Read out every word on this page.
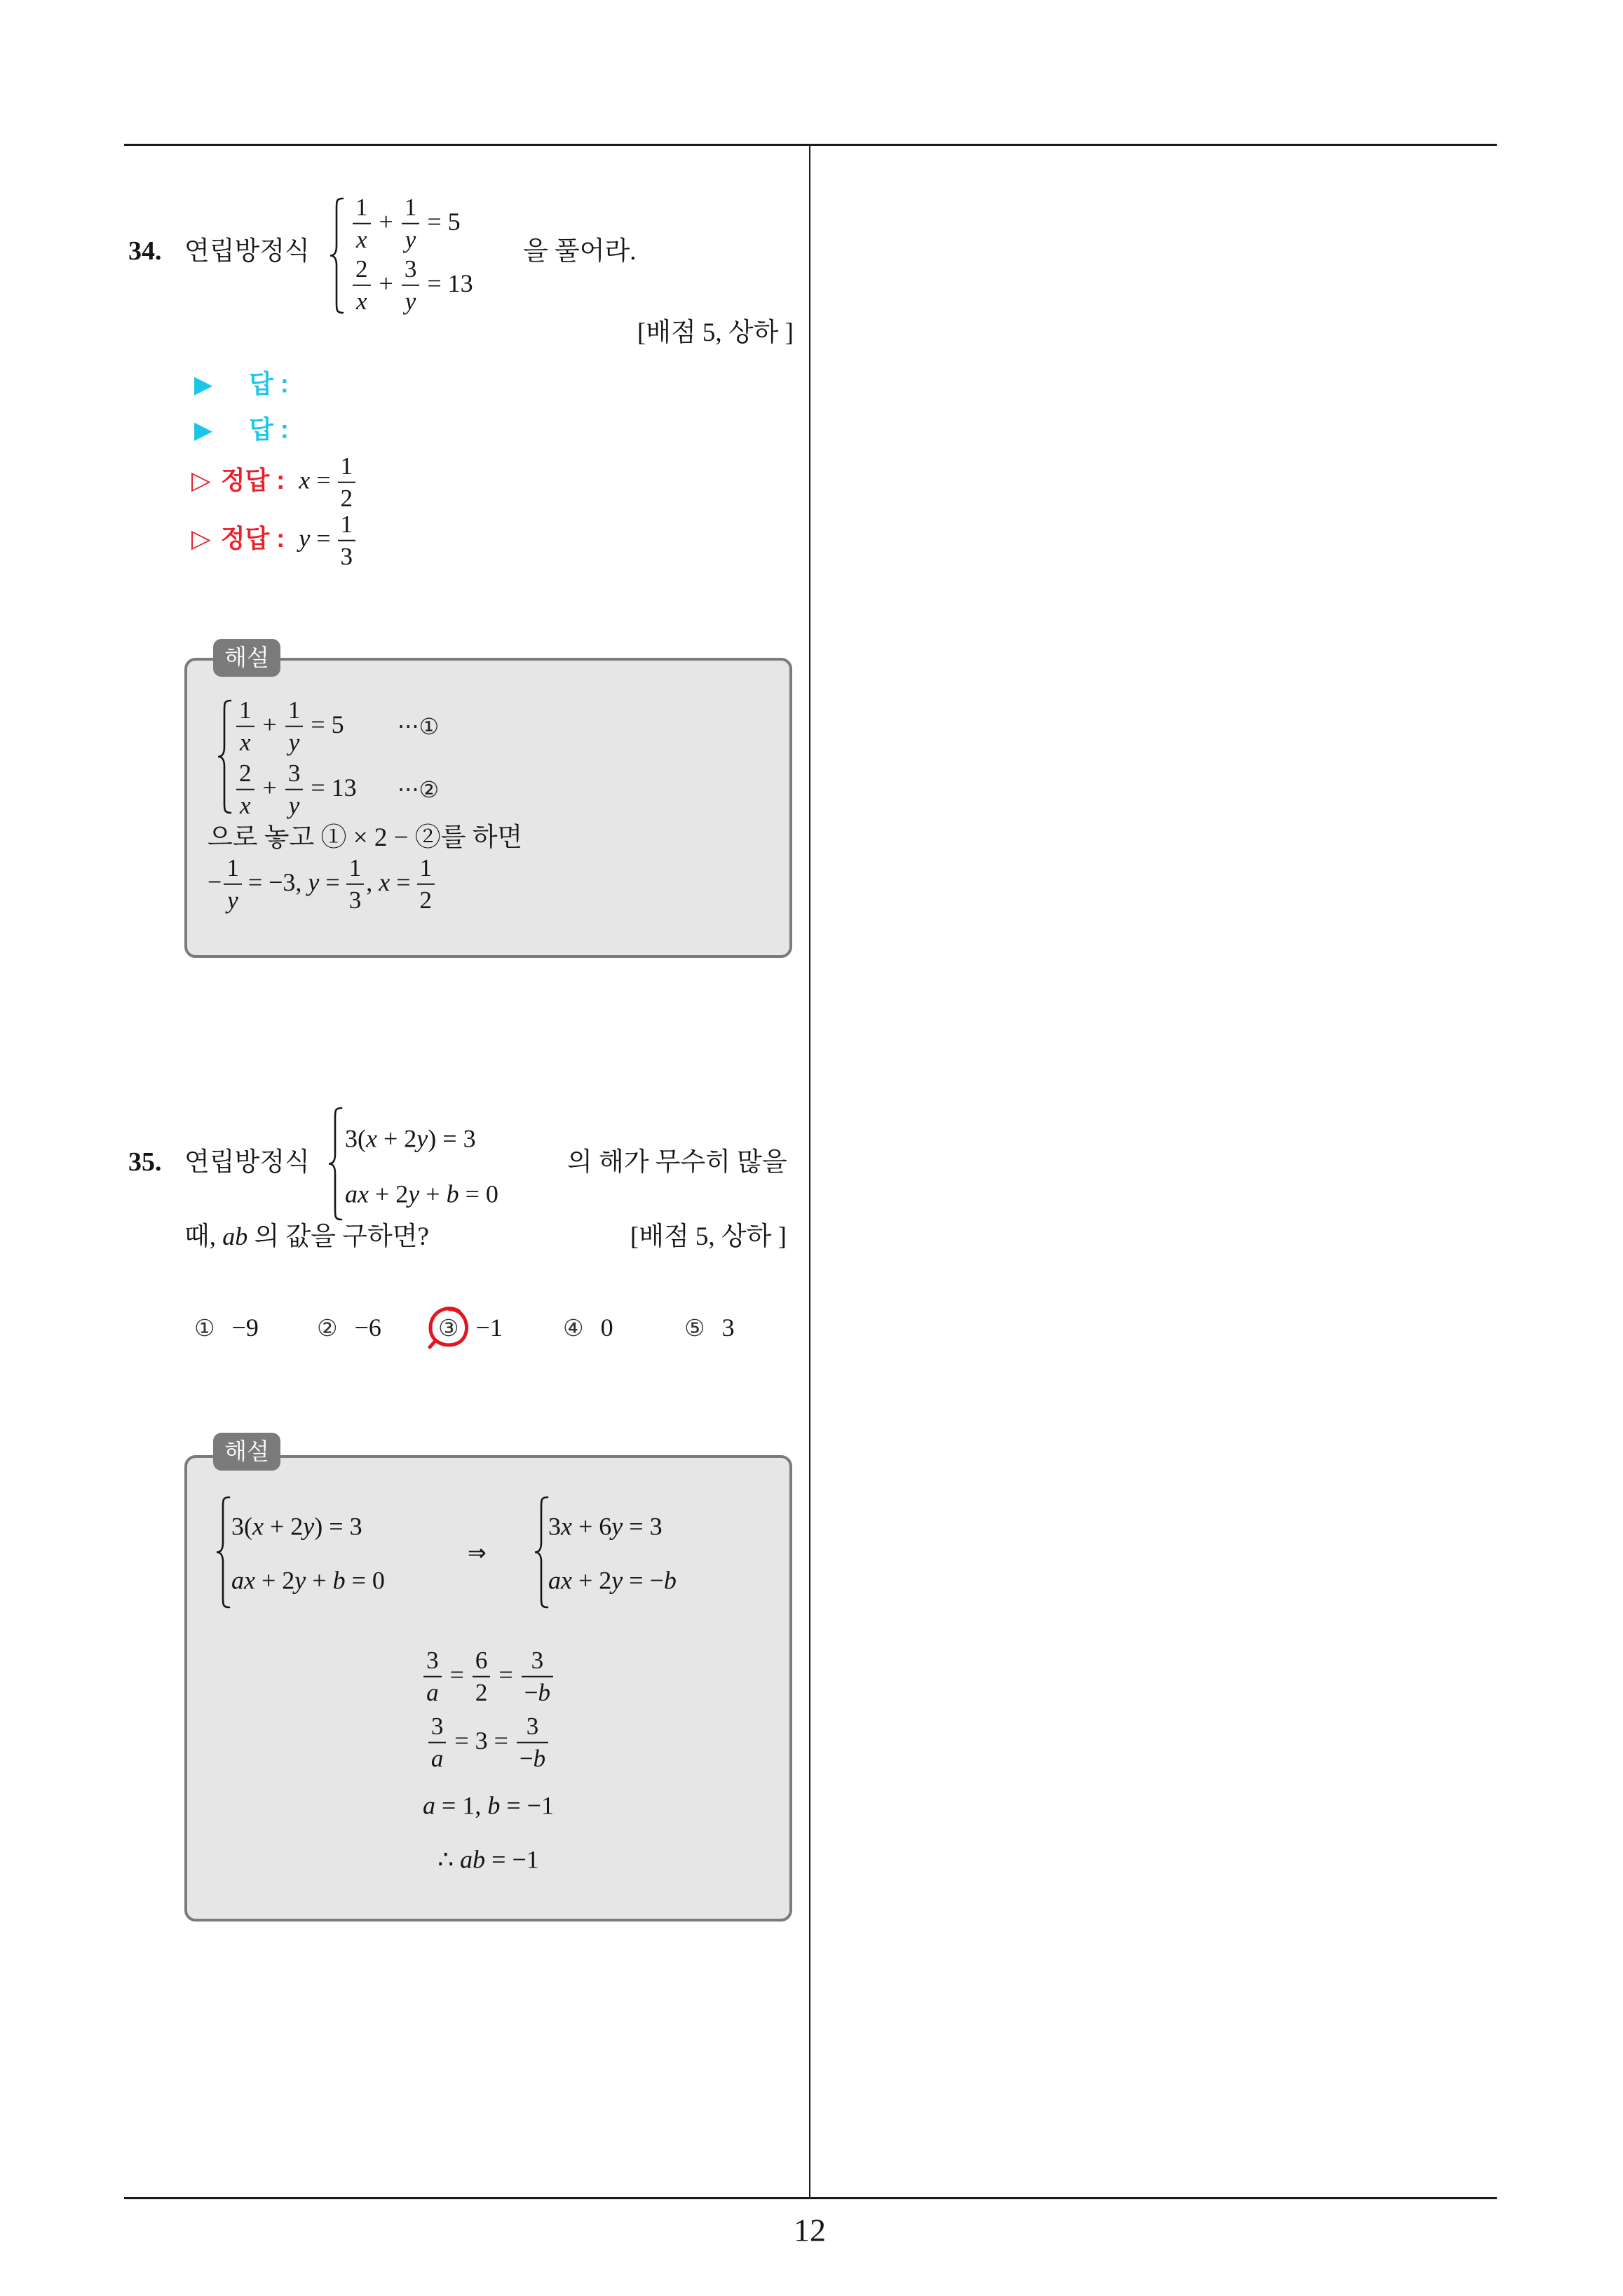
12
34. 연립방정식 $\frac{1}{x} + \frac{1}{y} = 5$
$\frac{2}{x} + \frac{3}{y} = 13$
을 풀어라.
[배점 5, 상하 ]
▶ 답 :
▶ 답 :
▷ 정답 : $x = \frac{1}{2}$
▷ 정답 : $y = \frac{1}{3}$
해설
$\frac{1}{x} + \frac{1}{y} = 5$ ···①
$\frac{2}{x} + \frac{3}{y} = 13$ ···②
으로 놓고 ① × 2 − ②를 하면
− $\frac{1}{y} = -3$, $y = \frac{1}{3}$ , $x = \frac{1}{2}$
35. 연립방정식
3(x + 2y) = 3
ax + 2y + b = 0
의 해가 무수히 많을
때, ab 의 값을 구하면?	[배점 5, 상하 ]
① −9	② −6 ③ −1	④ 0	⑤ 3
해설
3(x + 2y) = 3
ax + 2y + b = 0
⇒
3x + 6y = 3
ax + 2y = −b
$\frac{3}{a} = \frac{6}{2} = \frac{3}{-b}$
$\frac{3}{a} = 3 = \frac{3}{-b}$
a = 1, b = −1
∴ ab = −1
